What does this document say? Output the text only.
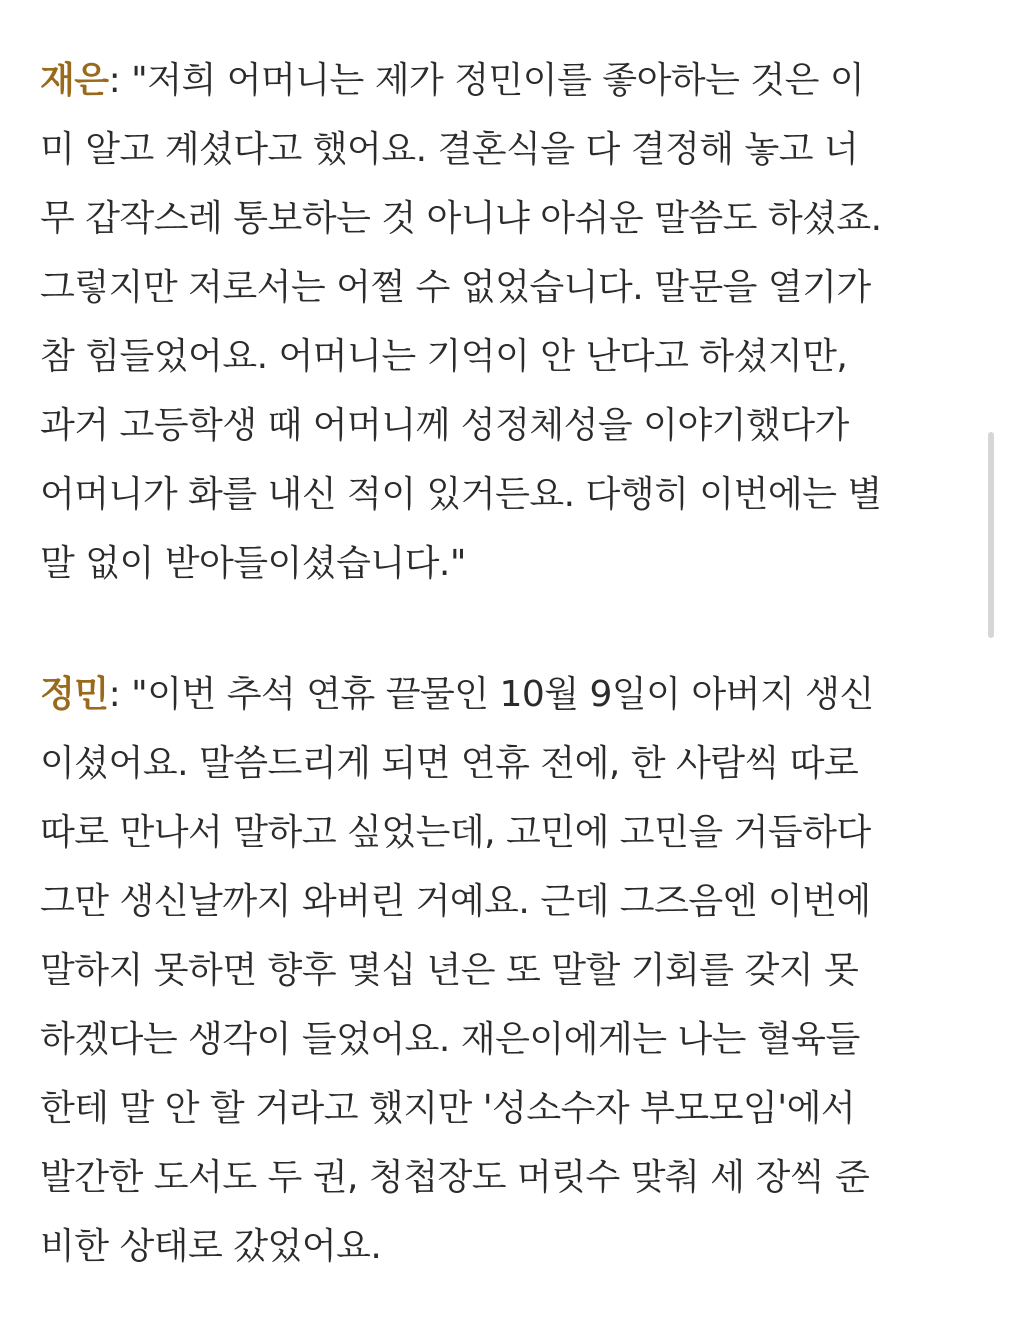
재은: "저희 어머니는 제가 정민이를 좋아하는 것은 이
미 알고 계셨다고 했어요. 결혼식을 다 결정해 놓고 너
무 갑작스레 통보하는 것 아니냐 아쉬운 말씀도 하셨죠.
그렇지만 저로서는 어쩔 수 없었습니다. 말문을 열기가
참 힘들었어요. 어머니는 기억이 안 난다고 하셨지만,
과거 고등학생 때 어머니께 성정체성을 이야기했다가
어머니가 화를 내신 적이 있거든요. 다행히 이번에는 별
말 없이 받아들이셨습니다."

정민: "이번 추석 연휴 끝물인 10월 9일이 아버지 생신
이셨어요. 말씀드리게 되면 연휴 전에, 한 사람씩 따로
따로 만나서 말하고 싶었는데, 고민에 고민을 거듭하다
그만 생신날까지 와버린 거예요. 근데 그즈음엔 이번에
말하지 못하면 향후 몇십 년은 또 말할 기회를 갖지 못
하겠다는 생각이 들었어요. 재은이에게는 나는 혈육들
한테 말 안 할 거라고 했지만 '성소수자 부모모임'에서
발간한 도서도 두 권, 청첩장도 머릿수 맞춰 세 장씩 준
비한 상태로 갔었어요.
